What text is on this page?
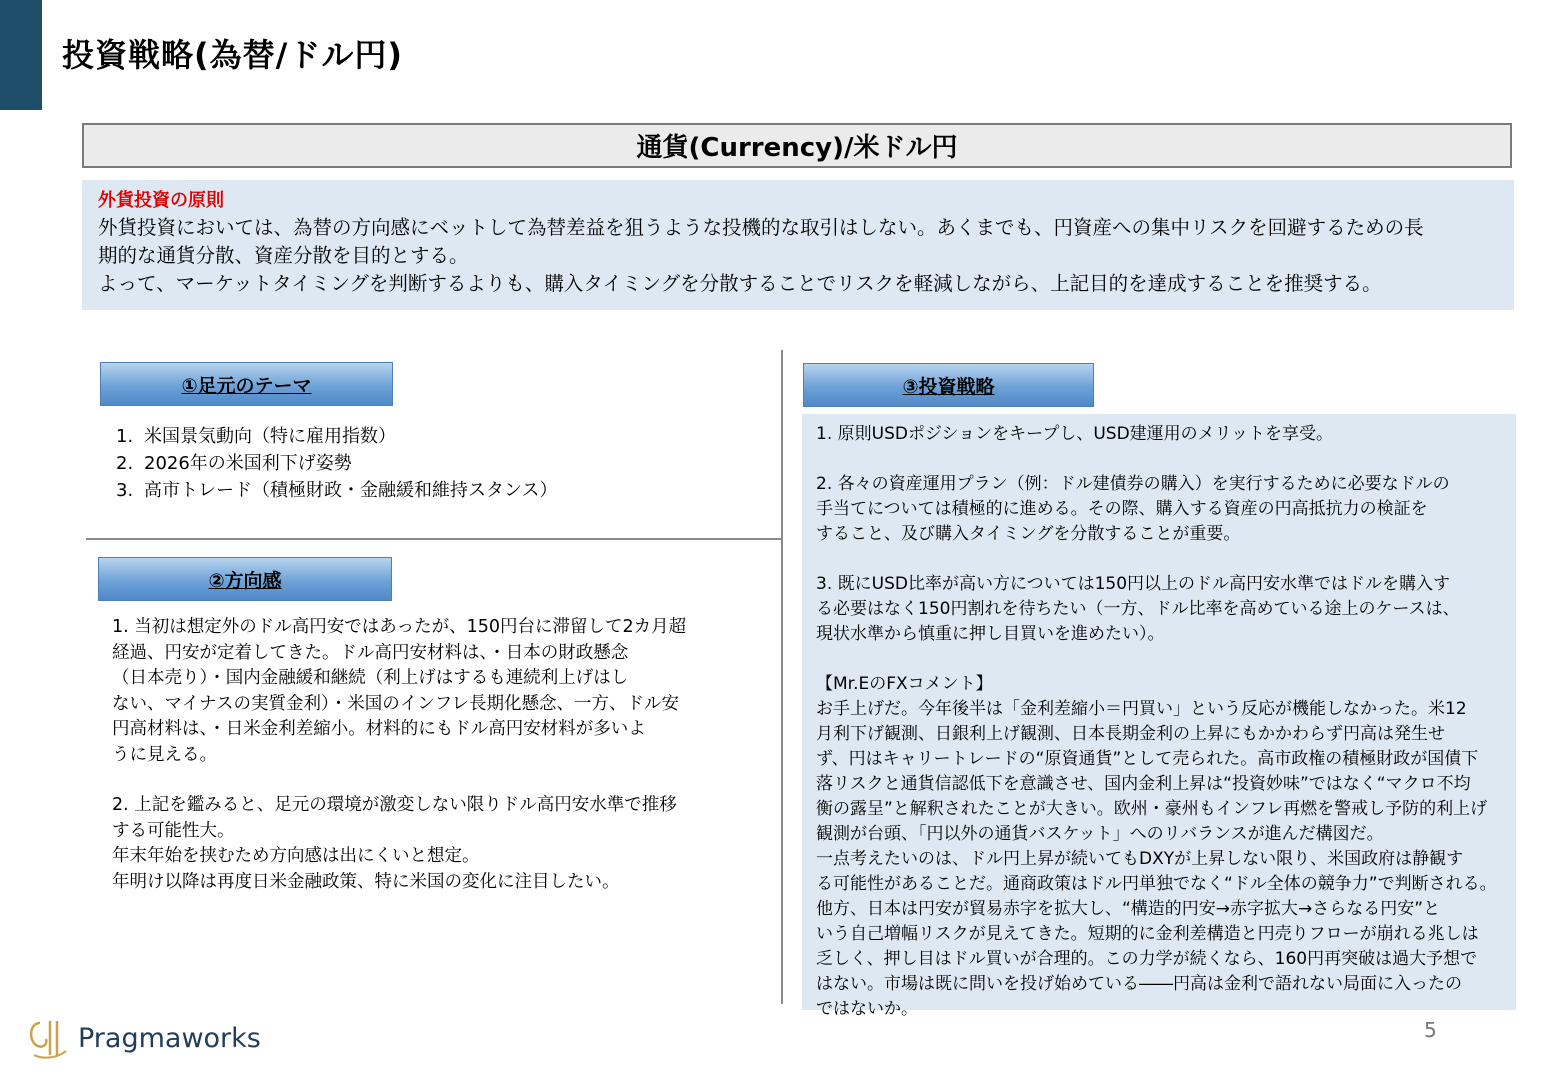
投資戦略(為替/ドル円)
通貨(Currency)/米ドル円

外貨投資の原則

外貨投資においては、為替の方向感にベットして為替差益を狙うような投機的な取引はしない。あくまでも、円資産への集中リスクを回避するための長

期的な通貨分散、資産分散を目的とする。

よって、マーケットタイミングを判断するよりも、購入タイミングを分散することでリスクを軽減しながら、上記目的を達成することを推奨する。

①足元のテーマ
1. 米国景気動向（特に雇用指数）
2. 2026年の米国利下げ姿勢
3. 高市トレード（積極財政・金融緩和維持スタンス）
②方向感

1. 当初は想定外のドル高円安ではあったが、150円台に滞留して2カ月超

経過、円安が定着してきた。ドル高円安材料は、・日本の財政懸念

（日本売り）・国内金融緩和継続（利上げはするも連続利上げはし

ない、マイナスの実質金利）・米国のインフレ長期化懸念、一方、ドル安

円高材料は、・日米金利差縮小。材料的にもドル高円安材料が多いよ

うに見える。

2. 上記を鑑みると、足元の環境が激変しない限りドル高円安水準で推移

する可能性大。

年末年始を挟むため方向感は出にくいと想定。

年明け以降は再度日米金融政策、特に米国の変化に注目したい。

③投資戦略

1. 原則USDポジションをキープし、USD建運用のメリットを享受。

2. 各々の資産運用プラン（例：ドル建債券の購入）を実行するために必要なドルの

手当てについては積極的に進める。その際、購入する資産の円高抵抗力の検証を

すること、及び購入タイミングを分散することが重要。

3. 既にUSD比率が高い方については150円以上のドル高円安水準ではドルを購入す

る必要はなく150円割れを待ちたい（一方、ドル比率を高めている途上のケースは、

現状水準から慎重に押し目買いを進めたい）。

【Mr.EのFXコメント】

お手上げだ。今年後半は「金利差縮小＝円買い」という反応が機能しなかった。米12

月利下げ観測、日銀利上げ観測、日本長期金利の上昇にもかかわらず円高は発生せ

ず、円はキャリートレードの“原資通貨”として売られた。高市政権の積極財政が国債下

落リスクと通貨信認低下を意識させ、国内金利上昇は“投資妙味”ではなく“マクロ不均

衡の露呈”と解釈されたことが大きい。欧州・豪州もインフレ再燃を警戒し予防的利上げ

観測が台頭、「円以外の通貨バスケット」へのリバランスが進んだ構図だ。

一点考えたいのは、ドル円上昇が続いてもDXYが上昇しない限り、米国政府は静観す

る可能性があることだ。通商政策はドル円単独でなく“ドル全体の競争力”で判断される。

他方、日本は円安が貿易赤字を拡大し、“構造的円安→赤字拡大→さらなる円安”と

いう自己増幅リスクが見えてきた。短期的に金利差構造と円売りフローが崩れる兆しは

乏しく、押し目はドル買いが合理的。この力学が続くなら、160円再突破は過大予想で

はない。市場は既に問いを投げ始めている――円高は金利で語れない局面に入ったの

ではないか。

Pragmaworks	5
